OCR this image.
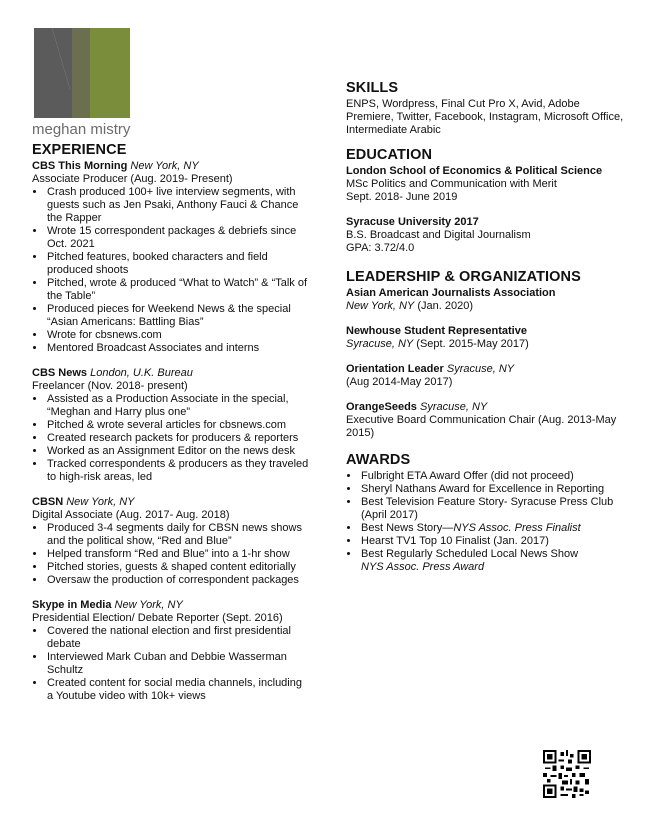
meghan mistry
EXPERIENCE
CBS This Morning New York, NY
Associate Producer (Aug. 2019- Present)
• Crash produced 100+ live interview segments, with guests such as Jen Psaki, Anthony Fauci & Chance the Rapper
• Wrote 15 correspondent packages & debriefs since Oct. 2021
• Pitched features, booked characters and field produced shoots
• Pitched, wrote & produced “What to Watch” & “Talk of the Table”
• Produced pieces for Weekend News & the special “Asian Americans: Battling Bias”
• Wrote for cbsnews.com
• Mentored Broadcast Associates and interns
CBS News London, U.K. Bureau
Freelancer (Nov. 2018- present)
• Assisted as a Production Associate in the special, “Meghan and Harry plus one”
• Pitched & wrote several articles for cbsnews.com
• Created research packets for producers & reporters
• Worked as an Assignment Editor on the news desk
• Tracked correspondents & producers as they traveled to high-risk areas, led
CBSN New York, NY
Digital Associate (Aug. 2017- Aug. 2018)
• Produced 3-4 segments daily for CBSN news shows and the political show, “Red and Blue”
• Helped transform “Red and Blue” into a 1-hr show
• Pitched stories, guests & shaped content editorially
• Oversaw the production of correspondent packages
Skype in Media New York, NY
Presidential Election/ Debate Reporter (Sept. 2016)
• Covered the national election and first presidential debate
• Interviewed Mark Cuban and Debbie Wasserman Schultz
• Created content for social media channels, including a Youtube video with 10k+ views
SKILLS
ENPS, Wordpress, Final Cut Pro X, Avid, Adobe Premiere, Twitter, Facebook, Instagram, Microsoft Office, Intermediate Arabic
EDUCATION
London School of Economics & Political Science
MSc Politics and Communication with Merit
Sept. 2018- June 2019
Syracuse University 2017
B.S. Broadcast and Digital Journalism
GPA: 3.72/4.0
LEADERSHIP & ORGANIZATIONS
Asian American Journalists Association
New York, NY (Jan. 2020)
Newhouse Student Representative
Syracuse, NY (Sept. 2015-May 2017)
Orientation Leader Syracuse, NY
(Aug 2014-May 2017)
OrangeSeeds Syracuse, NY
Executive Board Communication Chair (Aug. 2013-May 2015)
AWARDS
• Fulbright ETA Award Offer (did not proceed)
• Sheryl Nathans Award for Excellence in Reporting
• Best Television Feature Story- Syracuse Press Club (April 2017)
• Best News Story—NYS Assoc. Press Finalist
• Hearst TV1 Top 10 Finalist (Jan. 2017)
• Best Regularly Scheduled Local News Show
NYS Assoc. Press Award
